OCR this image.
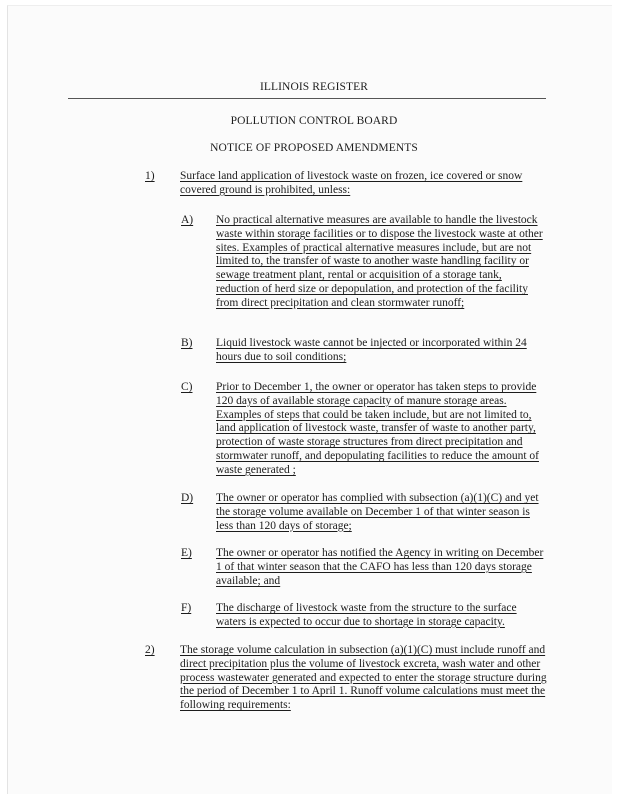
ILLINOIS REGISTER
POLLUTION CONTROL BOARD
NOTICE OF PROPOSED AMENDMENTS
1) Surface land application of livestock waste on frozen, ice covered or snow covered ground is prohibited, unless:
A) No practical alternative measures are available to handle the livestock waste within storage facilities or to dispose the livestock waste at other sites. Examples of practical alternative measures include, but are not limited to, the transfer of waste to another waste handling facility or sewage treatment plant, rental or acquisition of a storage tank, reduction of herd size or depopulation, and protection of the facility from direct precipitation and clean stormwater runoff;
B) Liquid livestock waste cannot be injected or incorporated within 24 hours due to soil conditions;
C) Prior to December 1, the owner or operator has taken steps to provide 120 days of available storage capacity of manure storage areas. Examples of steps that could be taken include, but are not limited to, land application of livestock waste, transfer of waste to another party, protection of waste storage structures from direct precipitation and stormwater runoff, and depopulating facilities to reduce the amount of waste generated ;
D) The owner or operator has complied with subsection (a)(1)(C) and yet the storage volume available on December 1 of that winter season is less than 120 days of storage;
E) The owner or operator has notified the Agency in writing on December 1 of that winter season that the CAFO has less than 120 days storage available; and
F) The discharge of livestock waste from the structure to the surface waters is expected to occur due to shortage in storage capacity.
2) The storage volume calculation in subsection (a)(1)(C) must include runoff and direct precipitation plus the volume of livestock excreta, wash water and other process wastewater generated and expected to enter the storage structure during the period of December 1 to April 1. Runoff volume calculations must meet the following requirements:
